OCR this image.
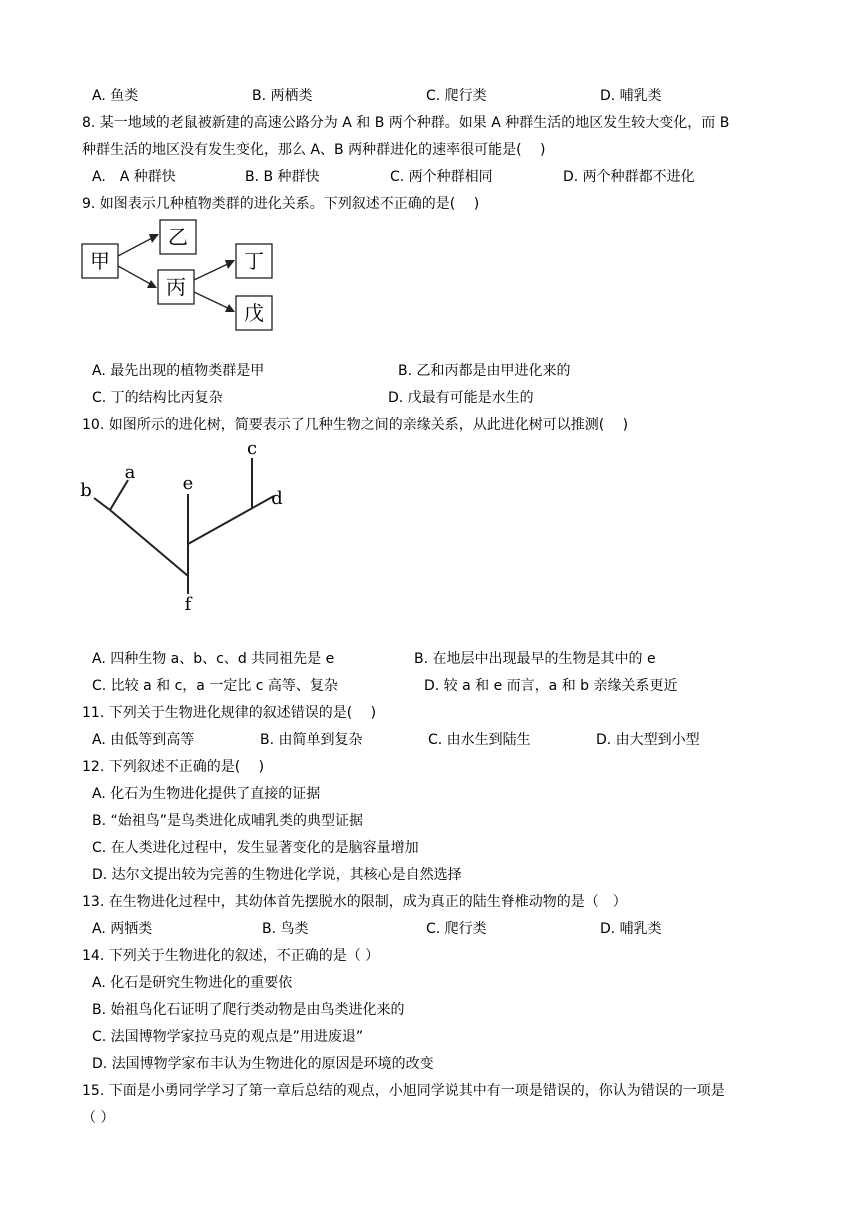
A. 鱼类	B. 两栖类	C. 爬行类	D. 哺乳类
8. 某一地域的老鼠被新建的高速公路分为 A 和 B 两个种群。如果 A 种群生活的地区发生较大变化，而 B
种群生活的地区没有发生变化，那么 A、B 两种群进化的速率很可能是(　 )
A.　A 种群快	B. B 种群快	C. 两个种群相同	D. 两个种群都不进化
9. 如图表示几种植物类群的进化关系。下列叙述不正确的是(　 )
甲
乙
丙
丁
戊
A. 最先出现的植物类群是甲	B. 乙和丙都是由甲进化来的
C. 丁的结构比丙复杂	D. 戊最有可能是水生的
10. 如图所示的进化树，简要表示了几种生物之间的亲缘关系，从此进化树可以推测(　 )
a
b
c
d
e
f
A. 四种生物 a、b、c、d 共同祖先是 e	B. 在地层中出现最早的生物是其中的 e
C. 比较 a 和 c，a 一定比 c 高等、复杂	D. 较 a 和 e 而言，a 和 b 亲缘关系更近
11. 下列关于生物进化规律的叙述错误的是(　 )
A. 由低等到高等	B. 由简单到复杂	C. 由水生到陆生	D. 由大型到小型
12. 下列叙述不正确的是(　 )
A. 化石为生物进化提供了直接的证据
B. “始祖鸟”是鸟类进化成哺乳类的典型证据
C. 在人类进化过程中，发生显著变化的是脑容量增加
D. 达尔文提出较为完善的生物进化学说，其核心是自然选择
13. 在生物进化过程中，其幼体首先摆脱水的限制，成为真正的陆生脊椎动物的是（　）
A. 两牺类	B. 鸟类	C. 爬行类	D. 哺乳类
14. 下列关于生物进化的叙述，不正确的是（ ）
A. 化石是研究生物进化的重要依
B. 始祖鸟化石证明了爬行类动物是由鸟类进化来的
C. 法国博物学家拉马克的观点是”用进废退”
D. 法国博物学家布丰认为生物进化的原因是环境的改变
15. 下面是小勇同学学习了第一章后总结的观点，小旭同学说其中有一项是错误的，你认为错误的一项是
（ ）
